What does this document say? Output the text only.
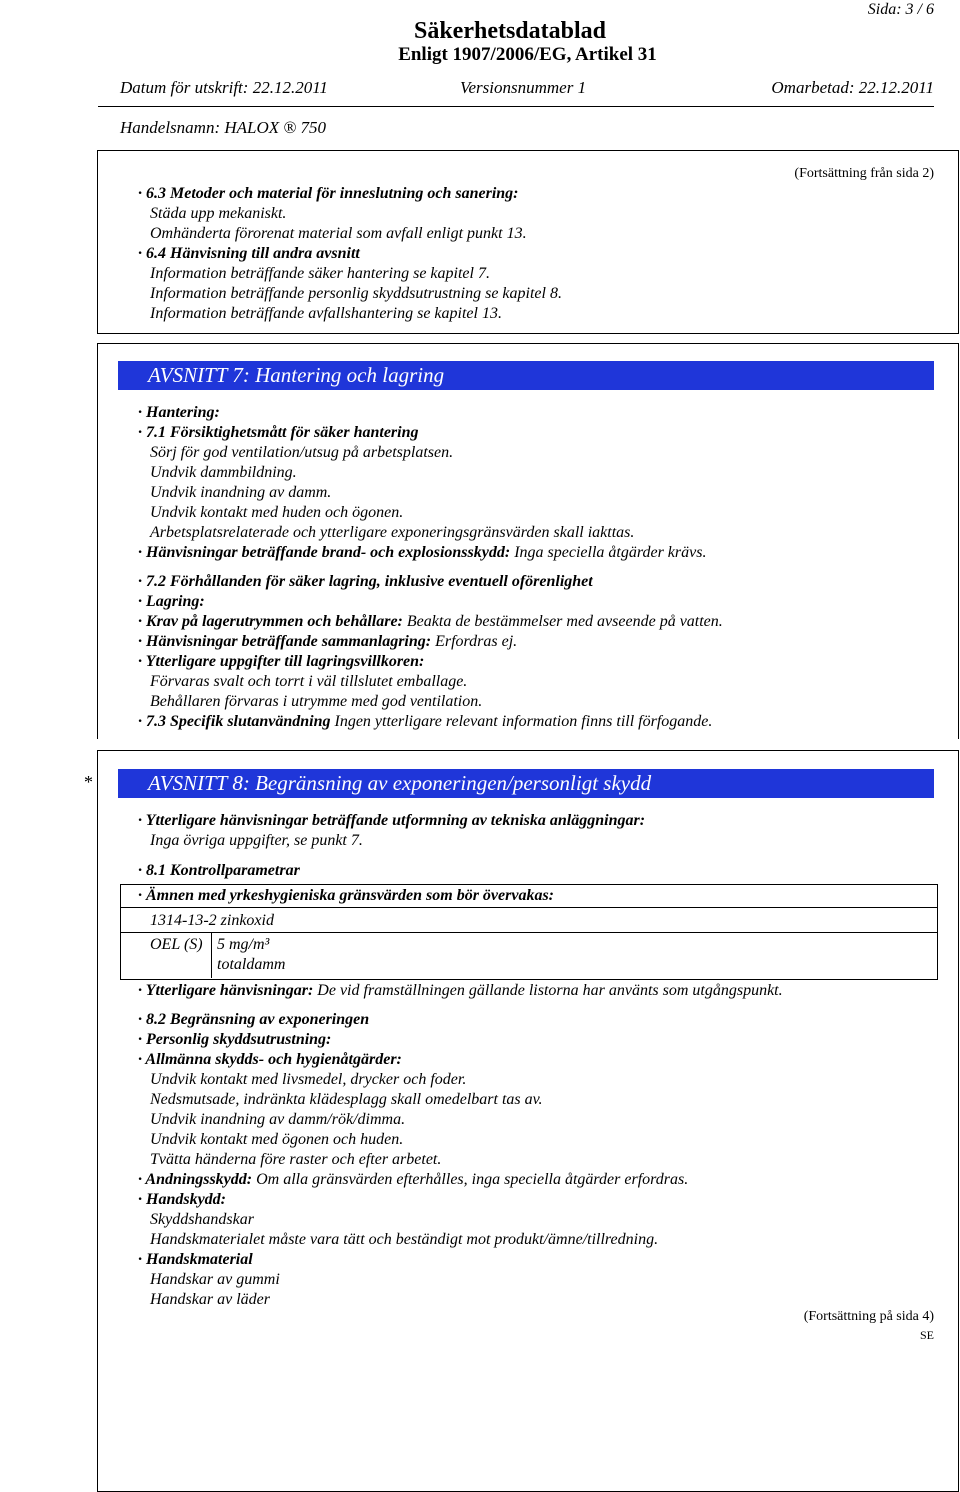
Sida: 3 / 6
Säkerhetsdatablad
Enligt 1907/2006/EG, Artikel 31
Datum för utskrift: 22.12.2011	Versionsnummer 1	Omarbetad: 22.12.2011
Handelsnamn: HALOX ® 750
(Fortsättning från sida 2)
· 6.3 Metoder och material för inneslutning och sanering:
Städa upp mekaniskt.
Omhänderta förorenat material som avfall enligt punkt 13.
· 6.4 Hänvisning till andra avsnitt
Information beträffande säker hantering se kapitel 7.
Information beträffande personlig skyddsutrustning se kapitel 8.
Information beträffande avfallshantering se kapitel 13.
AVSNITT 7: Hantering och lagring
· Hantering:
· 7.1 Försiktighetsmått för säker hantering
Sörj för god ventilation/utsug på arbetsplatsen.
Undvik dammbildning.
Undvik inandning av damm.
Undvik kontakt med huden och ögonen.
Arbetsplatsrelaterade och ytterligare exponeringsgränsvärden skall iakttas.
· Hänvisningar beträffande brand- och explosionsskydd: Inga speciella åtgärder krävs.
· 7.2 Förhållanden för säker lagring, inklusive eventuell oförenlighet
· Lagring:
· Krav på lagerutrymmen och behållare: Beakta de bestämmelser med avseende på vatten.
· Hänvisningar beträffande sammanlagring: Erfordras ej.
· Ytterligare uppgifter till lagringsvillkoren:
Förvaras svalt och torrt i väl tillslutet emballage.
Behållaren förvaras i utrymme med god ventilation.
· 7.3 Specifik slutanvändning Ingen ytterligare relevant information finns till förfogande.
*	AVSNITT 8: Begränsning av exponeringen/personligt skydd
· Ytterligare hänvisningar beträffande utformning av tekniska anläggningar:
Inga övriga uppgifter, se punkt 7.
· 8.1 Kontrollparametrar
· Ämnen med yrkeshygieniska gränsvärden som bör övervakas:
1314-13-2 zinkoxid
OEL (S) 5 mg/m³
totaldamm
· Ytterligare hänvisningar: De vid framställningen gällande listorna har använts som utgångspunkt.
· 8.2 Begränsning av exponeringen
· Personlig skyddsutrustning:
· Allmänna skydds- och hygienåtgärder:
Undvik kontakt med livsmedel, drycker och foder.
Nedsmutsade, indränkta klädesplagg skall omedelbart tas av.
Undvik inandning av damm/rök/dimma.
Undvik kontakt med ögonen och huden.
Tvätta händerna före raster och efter arbetet.
· Andningsskydd: Om alla gränsvärden efterhålles, inga speciella åtgärder erfordras.
· Handskydd:
Skyddshandskar
Handskmaterialet måste vara tätt och beständigt mot produkt/ämne/tillredning.
· Handskmaterial
Handskar av gummi
Handskar av läder
(Fortsättning på sida 4)
SE
